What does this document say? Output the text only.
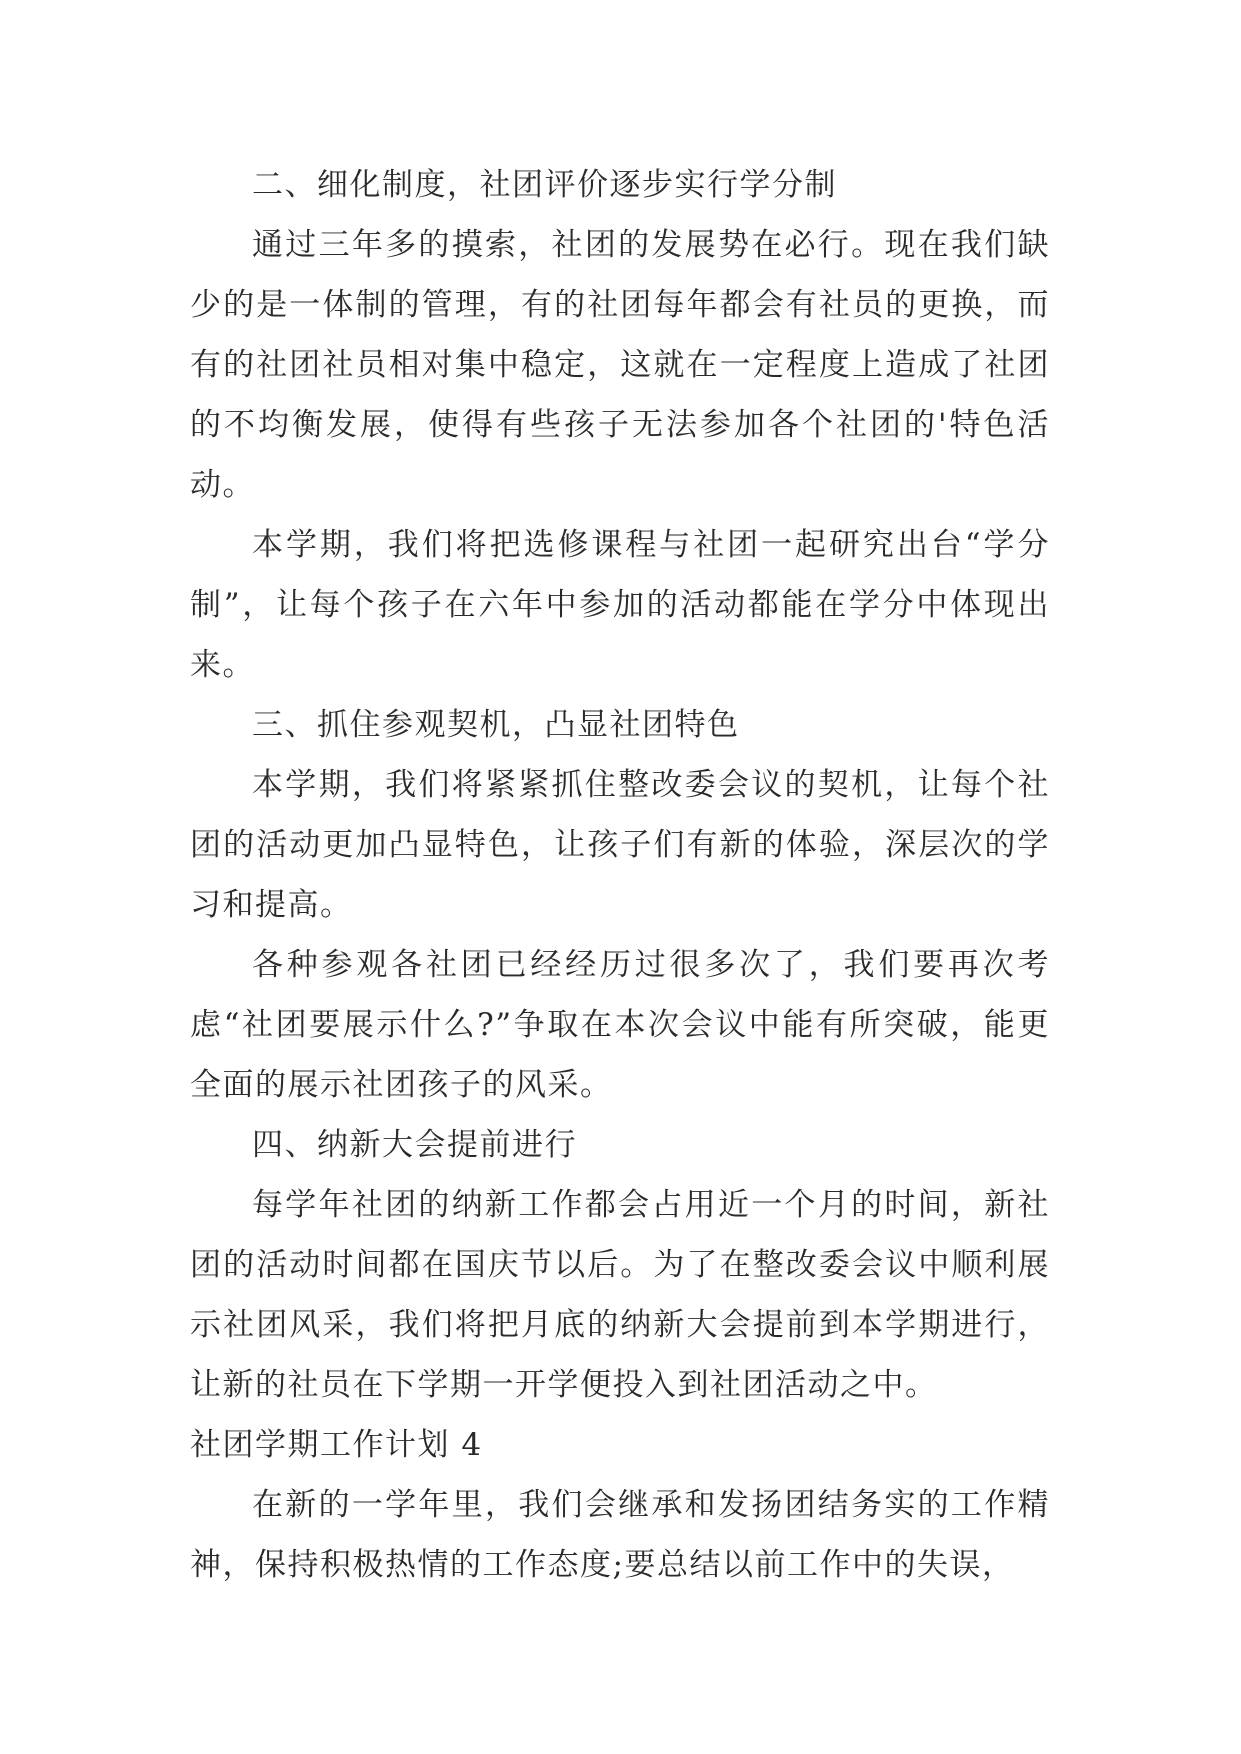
二、细化制度，社团评价逐步实行学分制

通过三年多的摸索，社团的发展势在必行。现在我们缺少的是一体制的管理，有的社团每年都会有社员的更换，而有的社团社员相对集中稳定，这就在一定程度上造成了社团的不均衡发展，使得有些孩子无法参加各个社团的'特色活动。

本学期，我们将把选修课程与社团一起研究出台“学分制”，让每个孩子在六年中参加的活动都能在学分中体现出来。

三、抓住参观契机，凸显社团特色

本学期，我们将紧紧抓住整改委会议的契机，让每个社团的活动更加凸显特色，让孩子们有新的体验，深层次的学习和提高。

各种参观各社团已经经历过很多次了，我们要再次考虑“社团要展示什么?”争取在本次会议中能有所突破，能更全面的展示社团孩子的风采。

四、纳新大会提前进行

每学年社团的纳新工作都会占用近一个月的时间，新社团的活动时间都在国庆节以后。为了在整改委会议中顺利展示社团风采，我们将把月底的纳新大会提前到本学期进行，让新的社员在下学期一开学便投入到社团活动之中。

社团学期工作计划 4

在新的一学年里，我们会继承和发扬团结务实的工作精神，保持积极热情的工作态度;要总结以前工作中的失误，
